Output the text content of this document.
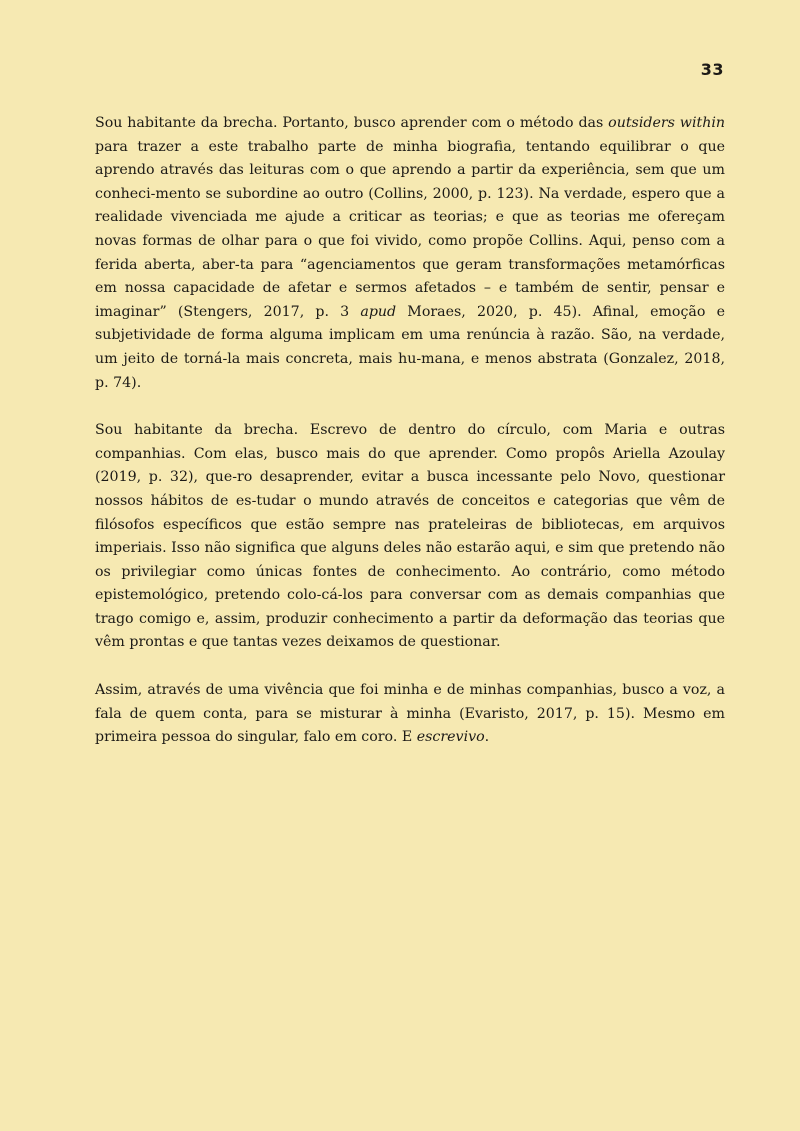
33

Sou habitante da brecha. Portanto, busco aprender com o método das outsiders within para trazer a este trabalho parte de minha biografia, tentando equilibrar o que aprendo através das leituras com o que aprendo a partir da experiência, sem que um conheci-mento se subordine ao outro (Collins, 2000, p. 123). Na verdade, espero que a realidade vivenciada me ajude a criticar as teorias; e que as teorias me ofereçam novas formas de olhar para o que foi vivido, como propõe Collins. Aqui, penso com a ferida aberta, aber-ta para “agenciamentos que geram transformações metamórficas em nossa capacidade de afetar e sermos afetados – e também de sentir, pensar e imaginar” (Stengers, 2017, p. 3 apud Moraes, 2020, p. 45). Afinal, emoção e subjetividade de forma alguma implicam em uma renúncia à razão. São, na verdade, um jeito de torná-la mais concreta, mais hu-mana, e menos abstrata (Gonzalez, 2018, p. 74).

Sou habitante da brecha. Escrevo de dentro do círculo, com Maria e outras companhias. Com elas, busco mais do que aprender. Como propôs Ariella Azoulay (2019, p. 32), que-ro desaprender, evitar a busca incessante pelo Novo, questionar nossos hábitos de es-tudar o mundo através de conceitos e categorias que vêm de filósofos específicos que estão sempre nas prateleiras de bibliotecas, em arquivos imperiais. Isso não significa que alguns deles não estarão aqui, e sim que pretendo não os privilegiar como únicas fontes de conhecimento. Ao contrário, como método epistemológico, pretendo colo-cá-los para conversar com as demais companhias que trago comigo e, assim, produzir conhecimento a partir da deformação das teorias que vêm prontas e que tantas vezes deixamos de questionar.

Assim, através de uma vivência que foi minha e de minhas companhias, busco a voz, a fala de quem conta, para se misturar à minha (Evaristo, 2017, p. 15). Mesmo em primeira pessoa do singular, falo em coro. E escrevivo.
